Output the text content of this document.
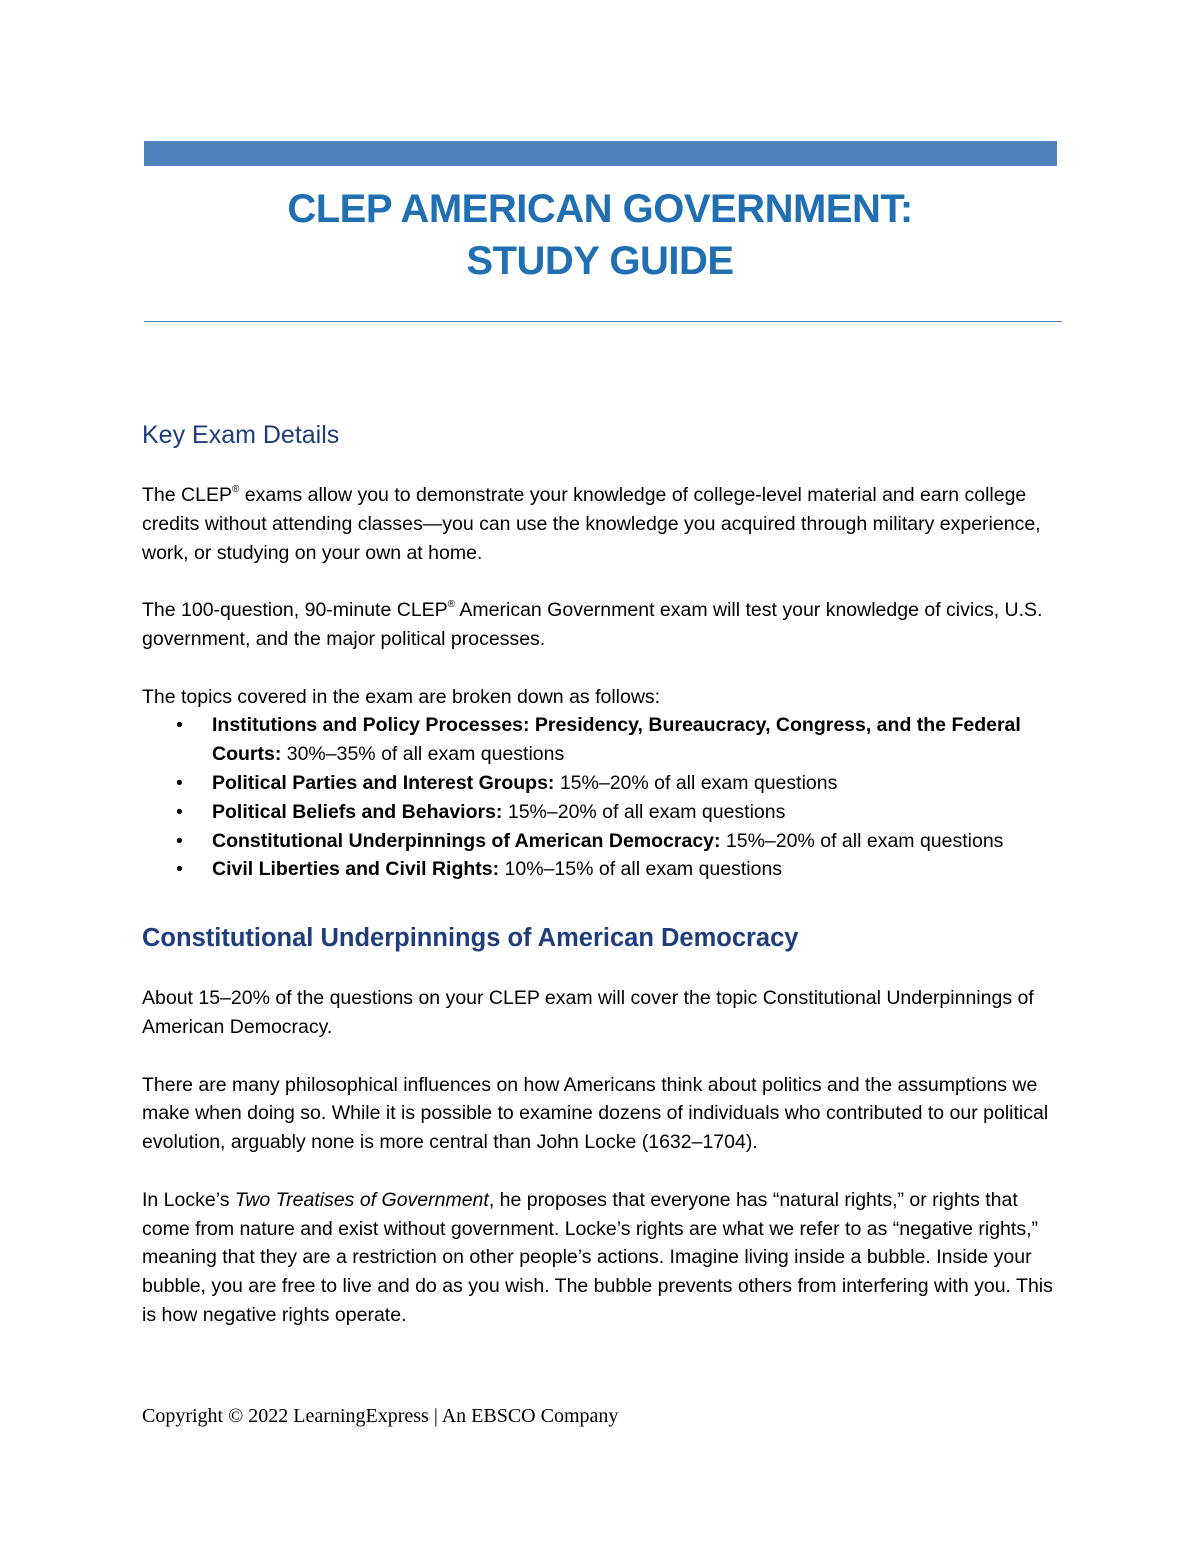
CLEP AMERICAN GOVERNMENT:
STUDY GUIDE
Key Exam Details

The CLEP® exams allow you to demonstrate your knowledge of college-level material and earn college credits without attending classes—you can use the knowledge you acquired through military experience, work, or studying on your own at home.

The 100-question, 90-minute CLEP® American Government exam will test your knowledge of civics, U.S. government, and the major political processes.

The topics covered in the exam are broken down as follows:

• Institutions and Policy Processes: Presidency, Bureaucracy, Congress, and the Federal Courts: 30%–35% of all exam questions
• Political Parties and Interest Groups: 15%–20% of all exam questions
• Political Beliefs and Behaviors: 15%–20% of all exam questions
• Constitutional Underpinnings of American Democracy: 15%–20% of all exam questions
• Civil Liberties and Civil Rights: 10%–15% of all exam questions
Constitutional Underpinnings of American Democracy

About 15–20% of the questions on your CLEP exam will cover the topic Constitutional Underpinnings of American Democracy.

There are many philosophical influences on how Americans think about politics and the assumptions we make when doing so. While it is possible to examine dozens of individuals who contributed to our political evolution, arguably none is more central than John Locke (1632–1704).

In Locke’s Two Treatises of Government, he proposes that everyone has “natural rights,” or rights that come from nature and exist without government. Locke’s rights are what we refer to as “negative rights,” meaning that they are a restriction on other people’s actions. Imagine living inside a bubble. Inside your bubble, you are free to live and do as you wish. The bubble prevents others from interfering with you. This is how negative rights operate.

Copyright © 2022 LearningExpress | An EBSCO Company
